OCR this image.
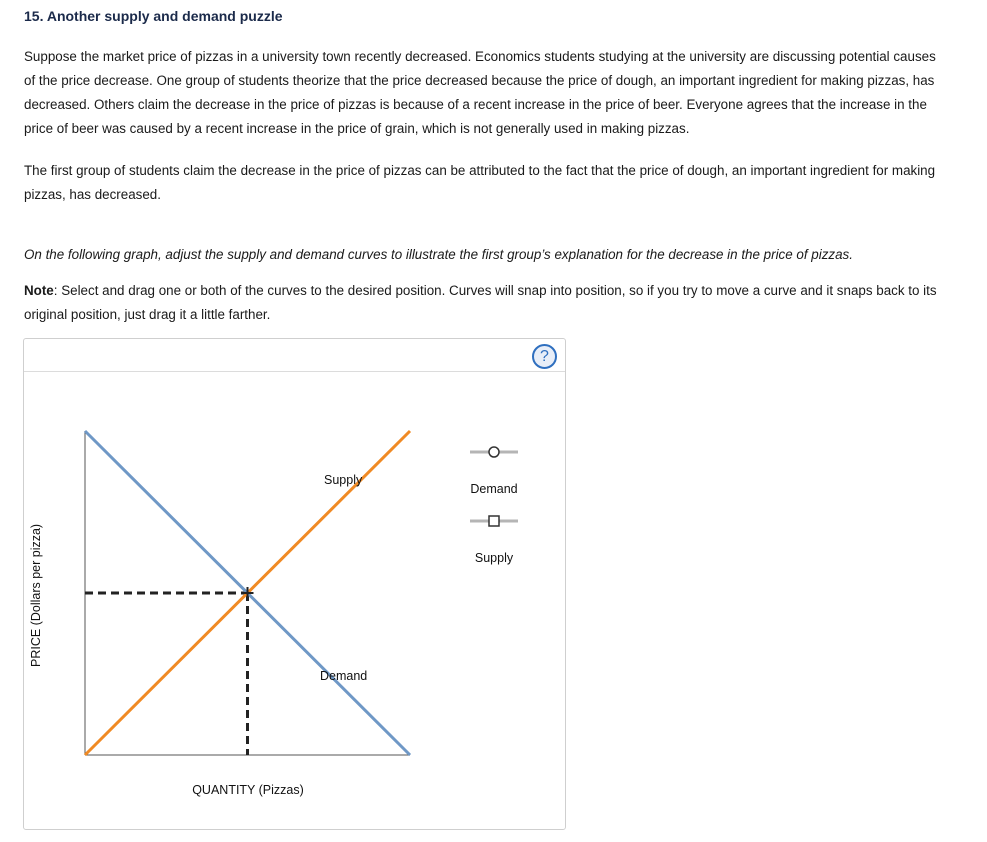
15. Another supply and demand puzzle

Suppose the market price of pizzas in a university town recently decreased. Economics students studying at the university are discussing potential causes of the price decrease. One group of students theorize that the price decreased because the price of dough, an important ingredient for making pizzas, has decreased. Others claim the decrease in the price of pizzas is because of a recent increase in the price of beer. Everyone agrees that the increase in the price of beer was caused by a recent increase in the price of grain, which is not generally used in making pizzas.

The first group of students claim the decrease in the price of pizzas can be attributed to the fact that the price of dough, an important ingredient for making pizzas, has decreased.

On the following graph, adjust the supply and demand curves to illustrate the first group’s explanation for the decrease in the price of pizzas.

Note: Select and drag one or both of the curves to the desired position. Curves will snap into position, so if you try to move a curve and it snaps back to its original position, just drag it a little farther.

?
Supply
Demand
PRICE (Dollars per pizza)
QUANTITY (Pizzas)
Demand
Supply
